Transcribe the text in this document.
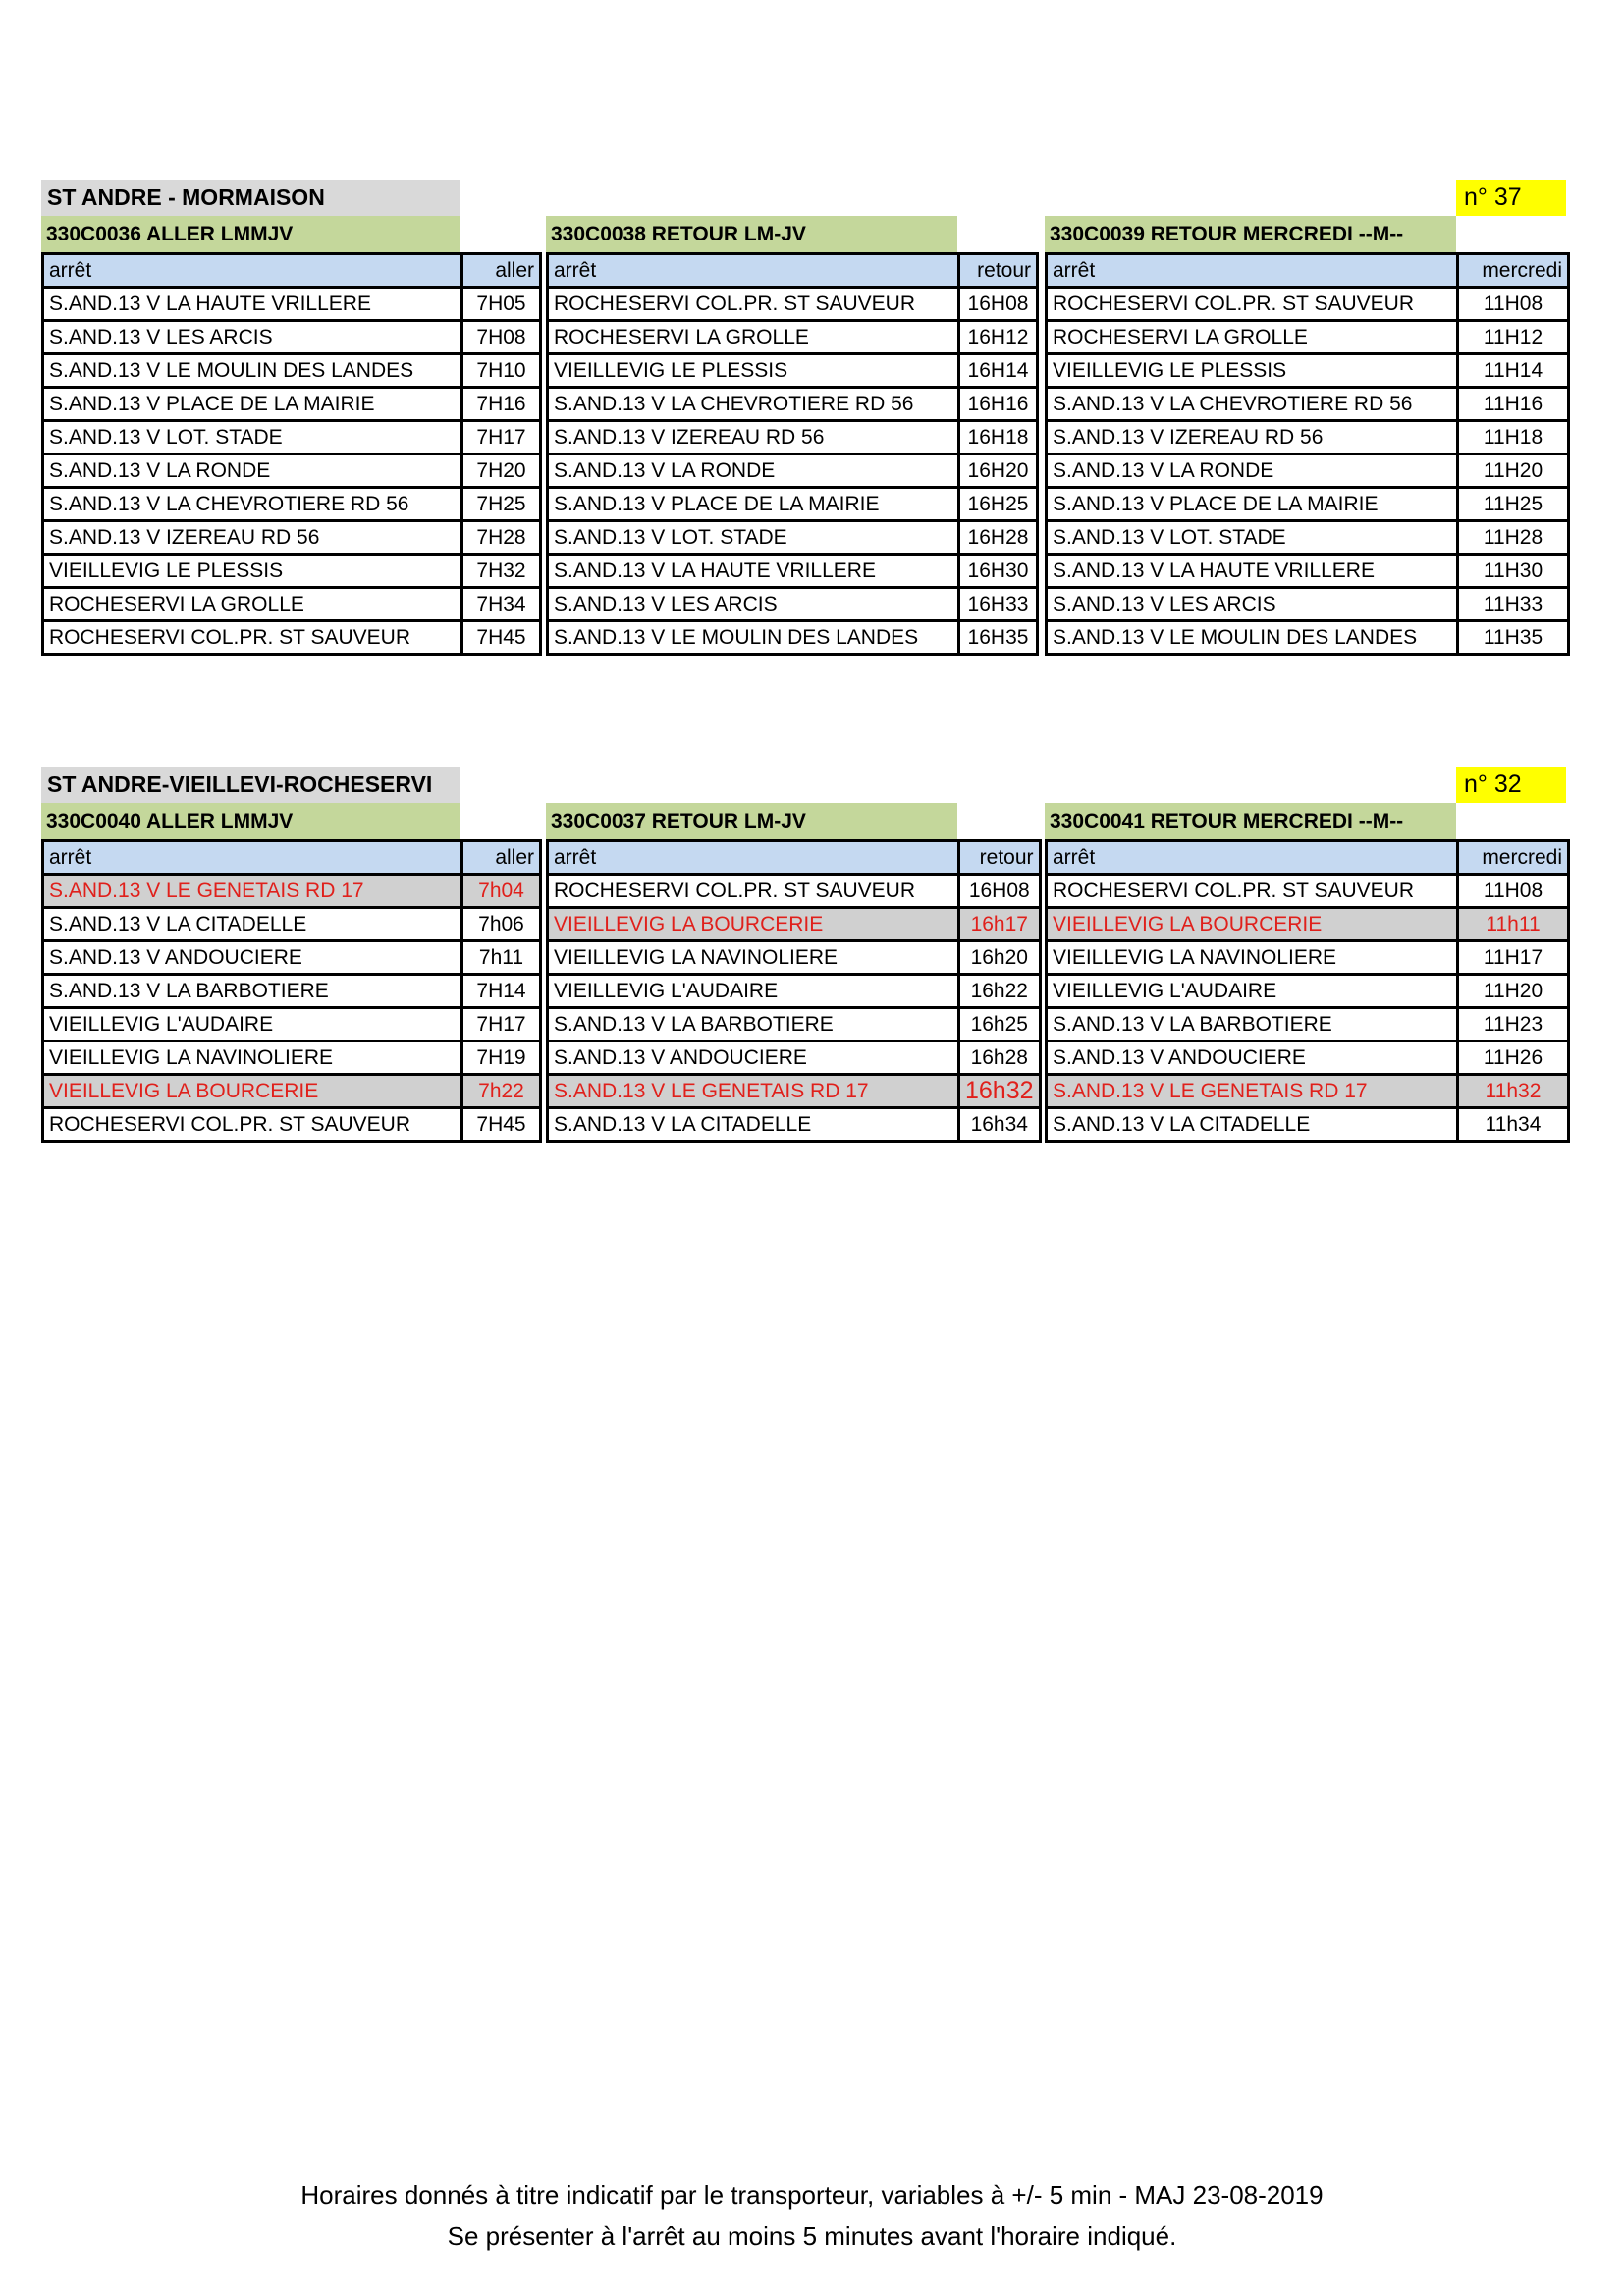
ST ANDRE - MORMAISON	n° 37
330C0036 ALLER LMMJV
arrêt	aller
S.AND.13 V LA HAUTE VRILLERE	7H05
S.AND.13 V LES ARCIS	7H08
S.AND.13 V LE MOULIN DES LANDES	7H10
S.AND.13 V PLACE DE LA MAIRIE	7H16
S.AND.13 V LOT. STADE	7H17
S.AND.13 V LA RONDE	7H20
S.AND.13 V LA CHEVROTIERE RD 56	7H25
S.AND.13 V IZEREAU RD 56	7H28
VIEILLEVIG LE PLESSIS	7H32
ROCHESERVI LA GROLLE	7H34
ROCHESERVI COL.PR. ST SAUVEUR	7H45
330C0038 RETOUR LM-JV
arrêt	retour
ROCHESERVI COL.PR. ST SAUVEUR	16H08
ROCHESERVI LA GROLLE	16H12
VIEILLEVIG LE PLESSIS	16H14
S.AND.13 V LA CHEVROTIERE RD 56	16H16
S.AND.13 V IZEREAU RD 56	16H18
S.AND.13 V LA RONDE	16H20
S.AND.13 V PLACE DE LA MAIRIE	16H25
S.AND.13 V LOT. STADE	16H28
S.AND.13 V LA HAUTE VRILLERE	16H30
S.AND.13 V LES ARCIS	16H33
S.AND.13 V LE MOULIN DES LANDES	16H35
330C0039 RETOUR MERCREDI --M--
arrêt	mercredi
ROCHESERVI COL.PR. ST SAUVEUR	11H08
ROCHESERVI LA GROLLE	11H12
VIEILLEVIG LE PLESSIS	11H14
S.AND.13 V LA CHEVROTIERE RD 56	11H16
S.AND.13 V IZEREAU RD 56	11H18
S.AND.13 V LA RONDE	11H20
S.AND.13 V PLACE DE LA MAIRIE	11H25
S.AND.13 V LOT. STADE	11H28
S.AND.13 V LA HAUTE VRILLERE	11H30
S.AND.13 V LES ARCIS	11H33
S.AND.13 V LE MOULIN DES LANDES	11H35
ST ANDRE-VIEILLEVI-ROCHESERVI	n° 32
330C0040 ALLER LMMJV
arrêt	aller
S.AND.13 V LE GENETAIS RD 17	7h04
S.AND.13 V LA CITADELLE	7h06
S.AND.13 V ANDOUCIERE	7h11
S.AND.13 V LA BARBOTIERE	7H14
VIEILLEVIG L'AUDAIRE	7H17
VIEILLEVIG LA NAVINOLIERE	7H19
VIEILLEVIG LA BOURCERIE	7h22
ROCHESERVI COL.PR. ST SAUVEUR	7H45
330C0037 RETOUR LM-JV
arrêt	retour
ROCHESERVI COL.PR. ST SAUVEUR	16H08
VIEILLEVIG LA BOURCERIE	16h17
VIEILLEVIG LA NAVINOLIERE	16h20
VIEILLEVIG L'AUDAIRE	16h22
S.AND.13 V LA BARBOTIERE	16h25
S.AND.13 V ANDOUCIERE	16h28
S.AND.13 V LE GENETAIS RD 17	16h32
S.AND.13 V LA CITADELLE	16h34
330C0041 RETOUR MERCREDI --M--
arrêt	mercredi
ROCHESERVI COL.PR. ST SAUVEUR	11H08
VIEILLEVIG LA BOURCERIE	11h11
VIEILLEVIG LA NAVINOLIERE	11H17
VIEILLEVIG L'AUDAIRE	11H20
S.AND.13 V LA BARBOTIERE	11H23
S.AND.13 V ANDOUCIERE	11H26
S.AND.13 V LE GENETAIS RD 17	11h32
S.AND.13 V LA CITADELLE	11h34
Horaires donnés à titre indicatif par le transporteur, variables à +/- 5 min - MAJ 23-08-2019
Se présenter à l'arrêt au moins 5 minutes avant l'horaire indiqué.
